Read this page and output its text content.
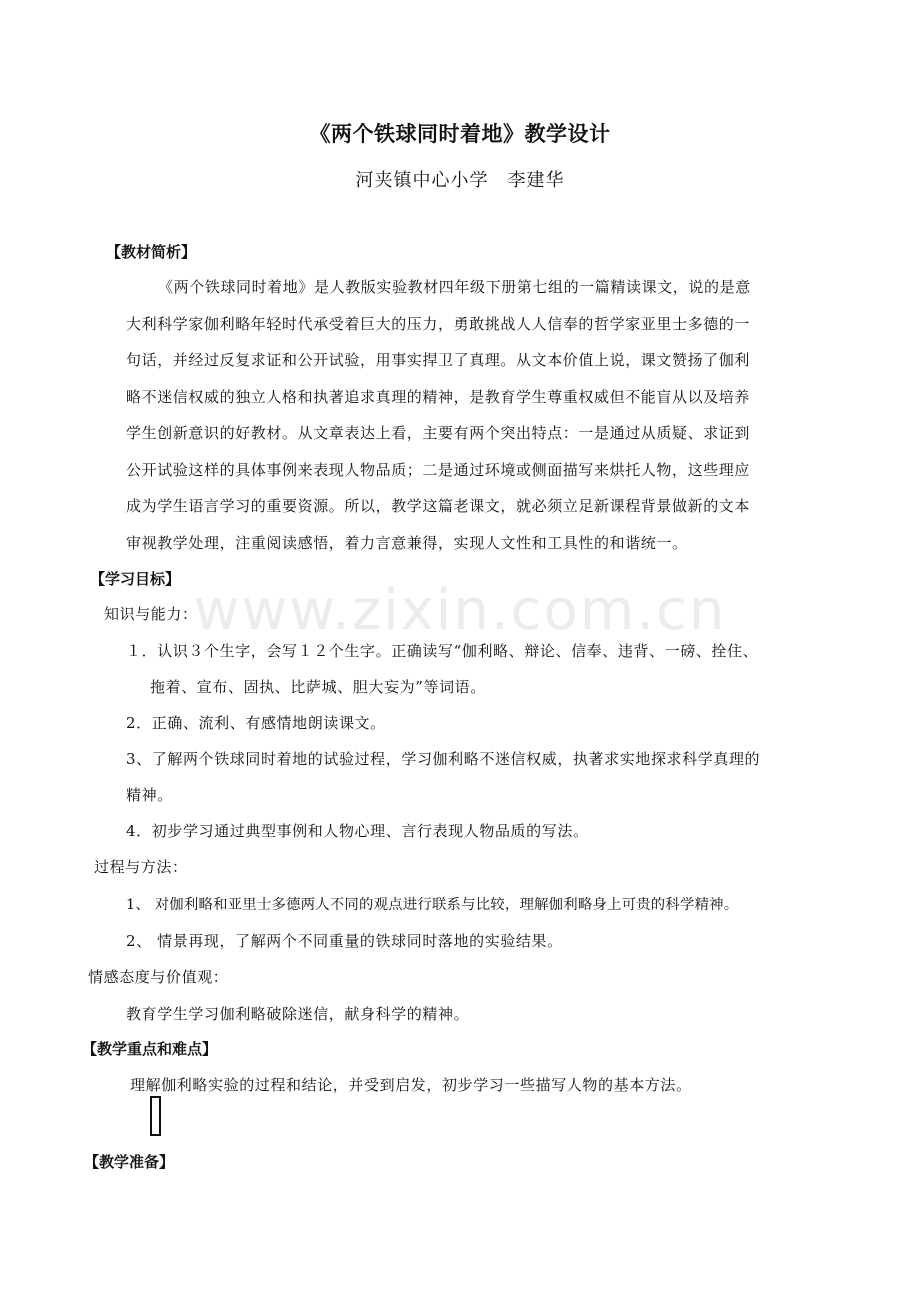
www.zixin.com.cn
《两个铁球同时着地》教学设计
河夹镇中心小学　李建华
【教材简析】
《两个铁球同时着地》是人教版实验教材四年级下册第七组的一篇精读课文，说的是意
大利科学家伽利略年轻时代承受着巨大的压力，勇敢挑战人人信奉的哲学家亚里士多德的一
句话，并经过反复求证和公开试验，用事实捍卫了真理。从文本价值上说，课文赞扬了伽利
略不迷信权威的独立人格和执著追求真理的精神，是教育学生尊重权威但不能盲从以及培养
学生创新意识的好教材。从文章表达上看，主要有两个突出特点：一是通过从质疑、求证到
公开试验这样的具体事例来表现人物品质；二是通过环境或侧面描写来烘托人物，这些理应
成为学生语言学习的重要资源。所以，教学这篇老课文，就必须立足新课程背景做新的文本
审视教学处理，注重阅读感悟，着力言意兼得，实现人文性和工具性的和谐统一。
【学习目标】
知识与能力：
１．认识３个生字，会写１２个生字。正确读写“伽利略、辩论、信奉、违背、一磅、拴住、
拖着、宣布、固执、比萨城、胆大妄为”等词语。
2．正确、流利、有感情地朗读课文。
3、了解两个铁球同时着地的试验过程，学习伽利略不迷信权威，执著求实地探求科学真理的
精神。
4．初步学习通过典型事例和人物心理、言行表现人物品质的写法。
过程与方法：
1、 对伽利略和亚里士多德两人不同的观点进行联系与比较，理解伽利略身上可贵的科学精神。
2、 情景再现，了解两个不同重量的铁球同时落地的实验结果。
情感态度与价值观：
教育学生学习伽利略破除迷信，献身科学的精神。
【教学重点和难点】
理解伽利略实验的过程和结论，并受到启发，初步学习一些描写人物的基本方法。
【教学准备】
